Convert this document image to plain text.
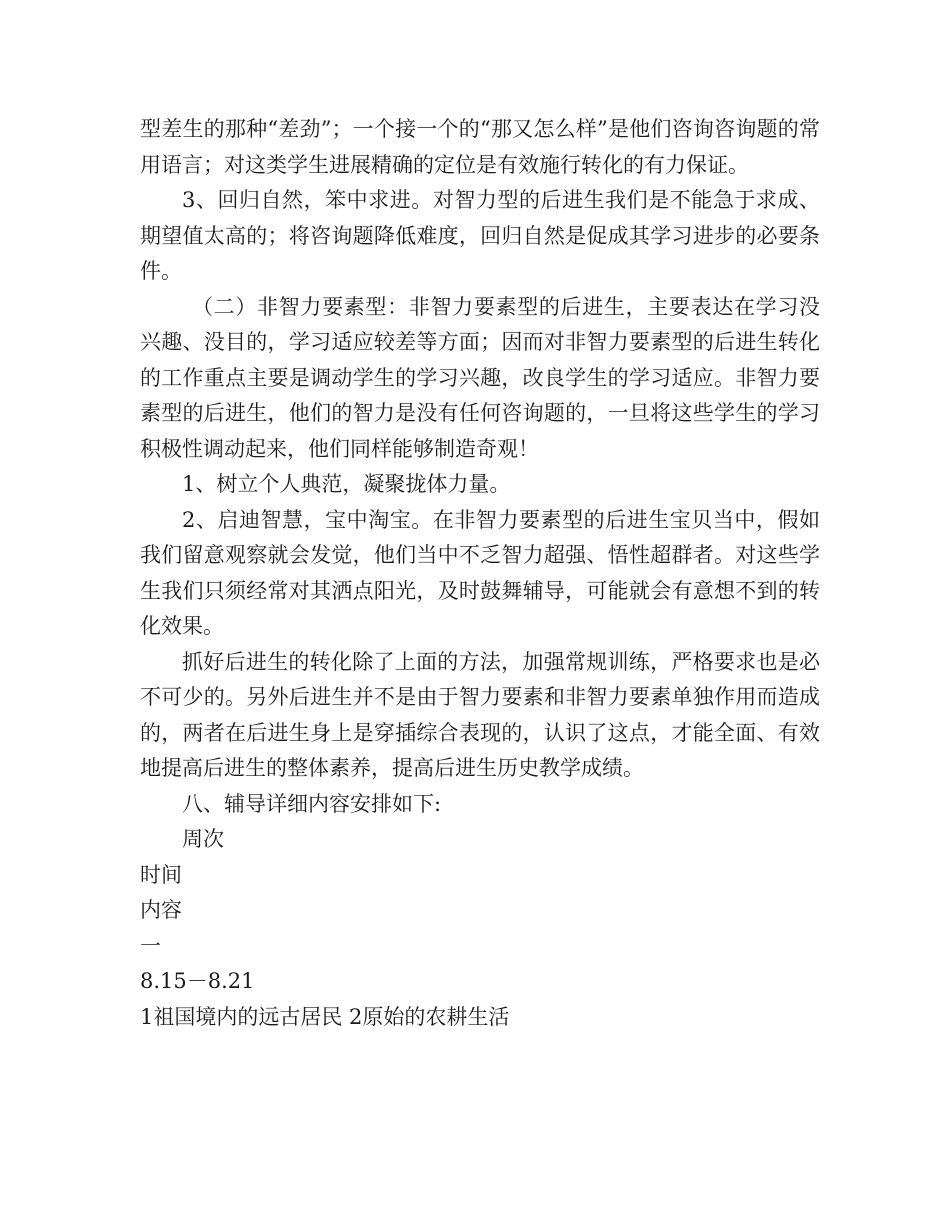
型差生的那种“差劲”；一个接一个的“那又怎么样”是他们咨询咨询题的常用语言；对这类学生进展精确的定位是有效施行转化的有力保证。

3、回归自然，笨中求进。对智力型的后进生我们是不能急于求成、期望值太高的；将咨询题降低难度，回归自然是促成其学习进步的必要条件。

（二）非智力要素型：非智力要素型的后进生，主要表达在学习没兴趣、没目的，学习适应较差等方面；因而对非智力要素型的后进生转化的工作重点主要是调动学生的学习兴趣，改良学生的学习适应。非智力要素型的后进生，他们的智力是没有任何咨询题的，一旦将这些学生的学习积极性调动起来，他们同样能够制造奇观！

1、树立个人典范，凝聚拢体力量。

2、启迪智慧，宝中淘宝。在非智力要素型的后进生宝贝当中，假如我们留意观察就会发觉，他们当中不乏智力超强、悟性超群者。对这些学生我们只须经常对其洒点阳光，及时鼓舞辅导，可能就会有意想不到的转化效果。

抓好后进生的转化除了上面的方法，加强常规训练，严格要求也是必不可少的。另外后进生并不是由于智力要素和非智力要素单独作用而造成的，两者在后进生身上是穿插综合表现的，认识了这点，才能全面、有效地提高后进生的整体素养，提高后进生历史教学成绩。

八、辅导详细内容安排如下:

周次

时间

内容

一

8.15－8.21

1祖国境内的远古居民 2原始的农耕生活
